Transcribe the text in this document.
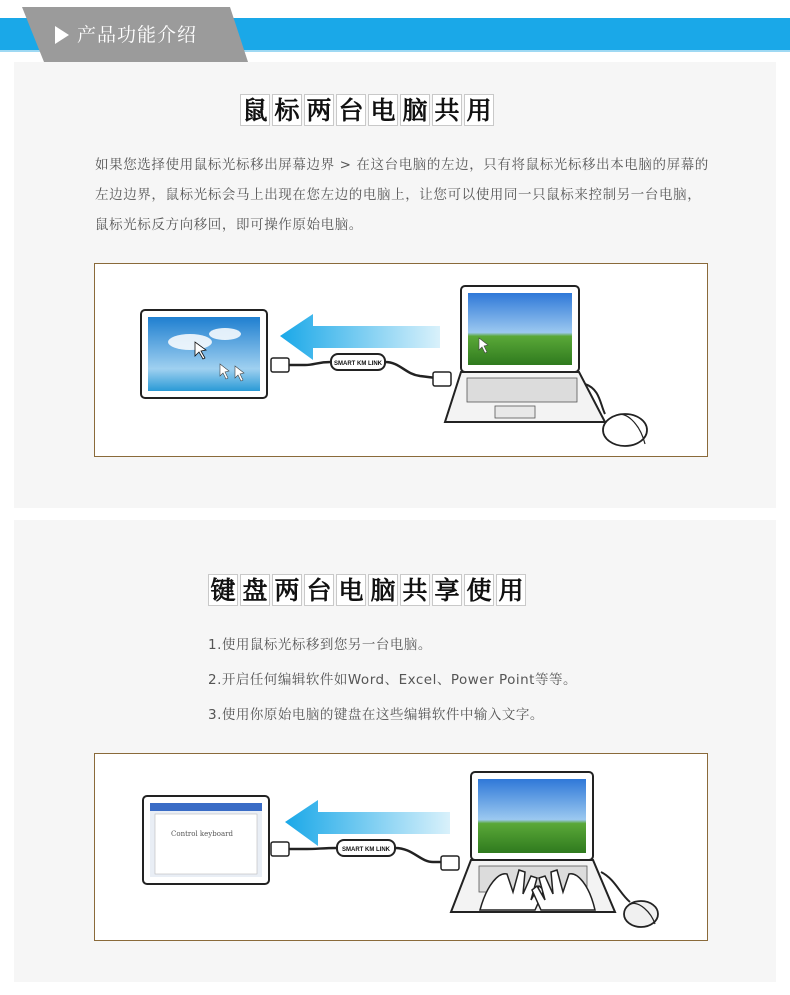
产品功能介绍
鼠 标 两 台 电 脑 共 用
如果您选择使用鼠标光标移出屏幕边界 > 在这台电脑的左边，只有将鼠标光标移出本电脑的屏幕的左边边界，鼠标光标会马上出现在您左边的电脑上，让您可以使用同一只鼠标来控制另一台电脑，鼠标光标反方向移回，即可操作原始电脑。
SMART KM LINK
键 盘 两 台 电 脑 共 享 使 用
1.使用鼠标光标移到您另一台电脑。
2.开启任何编辑软件如Word、Excel、Power Point等等。
3.使用你原始电脑的键盘在这些编辑软件中输入文字。
Control keyboard
SMART KM LINK
